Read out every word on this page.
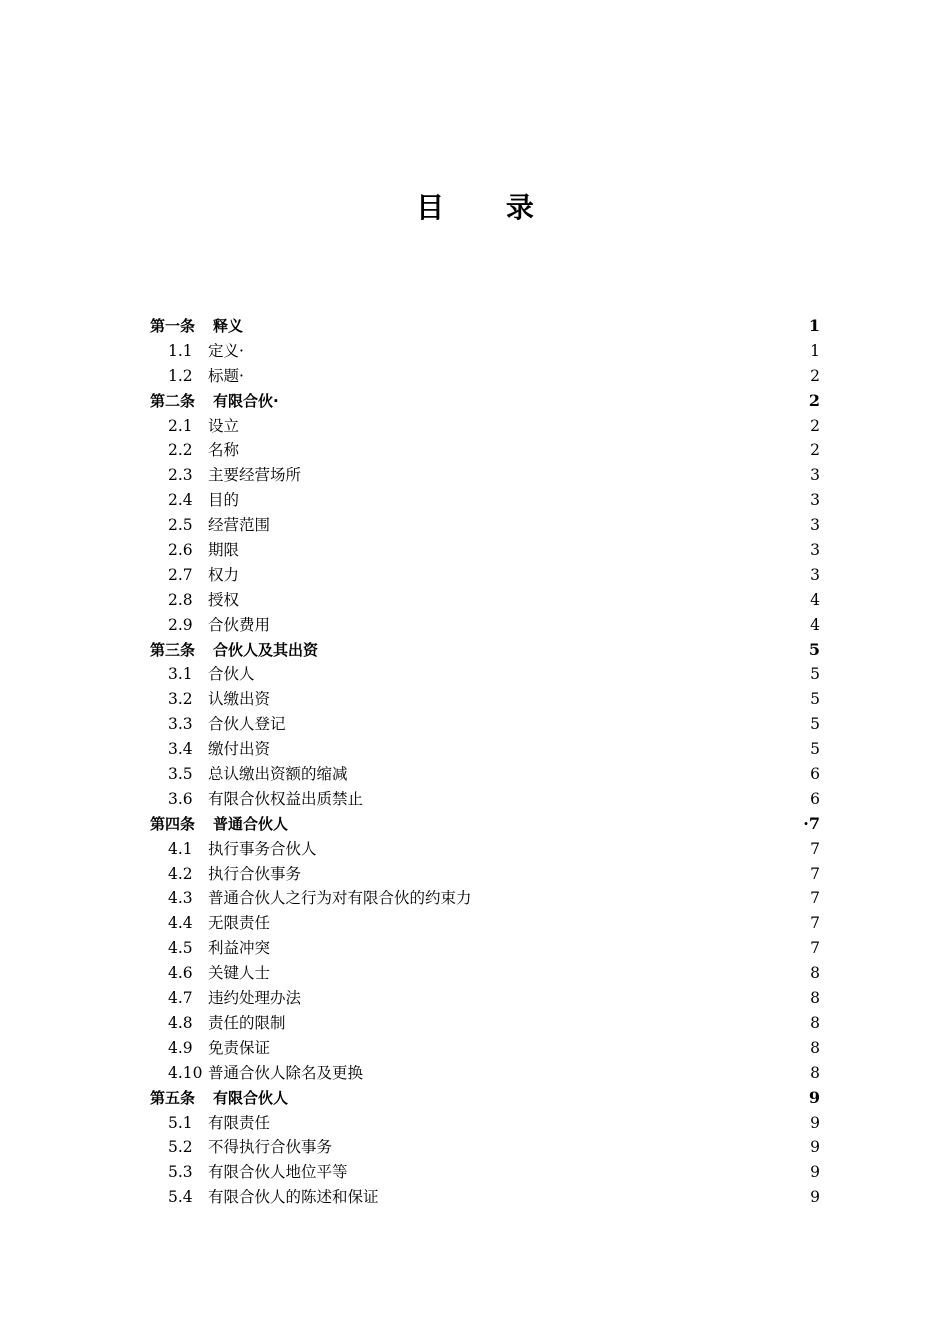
目 录
第一条 释义	1
1.1 定义·	1
1.2 标题·	2
第二条 有限合伙·	2
2.1 设立	2
2.2 名称	2
2.3 主要经营场所	3
2.4 目的	3
2.5 经营范围	3
2.6 期限	3
2.7 权力	3
2.8 授权	4
2.9 合伙费用	4
第三条 合伙人及其出资	5
3.1 合伙人	5
3.2 认缴出资	5
3.3 合伙人登记	5
3.4 缴付出资	5
3.5 总认缴出资额的缩减	6
3.6 有限合伙权益出质禁止	6
第四条 普通合伙人	·7
4.1 执行事务合伙人	7
4.2 执行合伙事务	7
4.3 普通合伙人之行为对有限合伙的约束力	7
4.4 无限责任	7
4.5 利益冲突	7
4.6 关键人士	8
4.7 违约处理办法	8
4.8 责任的限制	8
4.9 免责保证	8
4.10 普通合伙人除名及更换	8
第五条 有限合伙人	9
5.1 有限责任	9
5.2 不得执行合伙事务	9
5.3 有限合伙人地位平等	9
5.4 有限合伙人的陈述和保证	9
